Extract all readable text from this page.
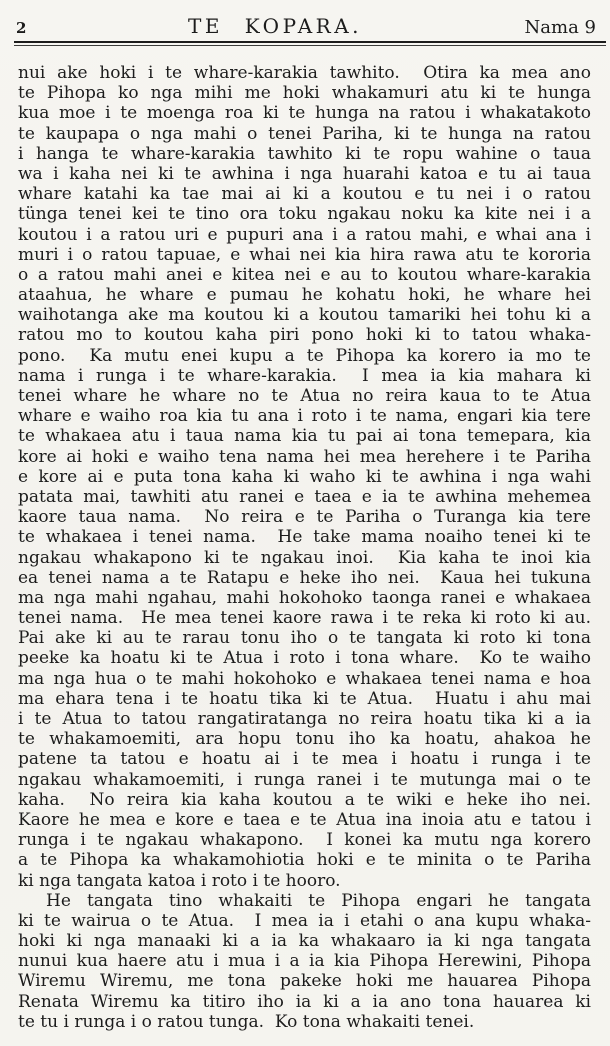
2	TE KOPARA.	Nama 9
nui ake hoki i te whare-karakia tawhito.  Otira ka mea ano
te Pihopa ko nga mihi me hoki whakamuri atu ki te hunga
kua moe i te moenga roa ki te hunga na ratou i whakatakoto
te kaupapa o nga mahi o tenei Pariha, ki te hunga na ratou
i hanga te whare-karakia tawhito ki te ropu wahine o taua
wa i kaha nei ki te awhina i nga huarahi katoa e tu ai taua
whare katahi ka tae mai ai ki a koutou e tu nei i o ratou
tünga tenei kei te tino ora toku ngakau noku ka kite nei i a
koutou i a ratou uri e pupuri ana i a ratou mahi, e whai ana i
muri i o ratou tapuae, e whai nei kia hira rawa atu te kororia
o a ratou mahi anei e kitea nei e au to koutou whare-karakia
ataahua, he whare e pumau he kohatu hoki, he whare hei
waihotanga ake ma koutou ki a koutou tamariki hei tohu ki a
ratou mo to koutou kaha piri pono hoki ki to tatou whaka-
pono.  Ka mutu enei kupu a te Pihopa ka korero ia mo te
nama i runga i te whare-karakia.  I mea ia kia mahara ki
tenei whare he whare no te Atua no reira kaua to te Atua
whare e waiho roa kia tu ana i roto i te nama, engari kia tere
te whakaea atu i taua nama kia tu pai ai tona temepara, kia
kore ai hoki e waiho tena nama hei mea herehere i te Pariha
e kore ai e puta tona kaha ki waho ki te awhina i nga wahi
patata mai, tawhiti atu ranei e taea e ia te awhina mehemea
kaore taua nama.  No reira e te Pariha o Turanga kia tere
te whakaea i tenei nama.  He take mama noaiho tenei ki te
ngakau whakapono ki te ngakau inoi.  Kia kaha te inoi kia
ea tenei nama a te Ratapu e heke iho nei.  Kaua hei tukuna
ma nga mahi ngahau, mahi hokohoko taonga ranei e whakaea
tenei nama.  He mea tenei kaore rawa i te reka ki roto ki au.
Pai ake ki au te rarau tonu iho o te tangata ki roto ki tona
peeke ka hoatu ki te Atua i roto i tona whare.  Ko te waiho
ma nga hua o te mahi hokohoko e whakaea tenei nama e hoa
ma ehara tena i te hoatu tika ki te Atua.  Huatu i ahu mai
i te Atua to tatou rangatiratanga no reira hoatu tika ki a ia
te whakamoemiti, ara hopu tonu iho ka hoatu, ahakoa he
patene ta tatou e hoatu ai i te mea i hoatu i runga i te
ngakau whakamoemiti, i runga ranei i te mutunga mai o te
kaha.  No reira kia kaha koutou a te wiki e heke iho nei.
Kaore he mea e kore e taea e te Atua ina inoia atu e tatou i
runga i te ngakau whakapono.  I konei ka mutu nga korero
a te Pihopa ka whakamohiotia hoki e te minita o te Pariha
ki nga tangata katoa i roto i te hooro.
He tangata tino whakaiti te Pihopa engari he tangata
ki te wairua o te Atua.  I mea ia i etahi o ana kupu whaka-
hoki ki nga manaaki ki a ia ka whakaaro ia ki nga tangata
nunui kua haere atu i mua i a ia kia Pihopa Herewini, Pihopa
Wiremu Wiremu, me tona pakeke hoki me hauarea Pihopa
Renata Wiremu ka titiro iho ia ki a ia ano tona hauarea ki
te tu i runga i o ratou tunga.  Ko tona whakaiti tenei.
